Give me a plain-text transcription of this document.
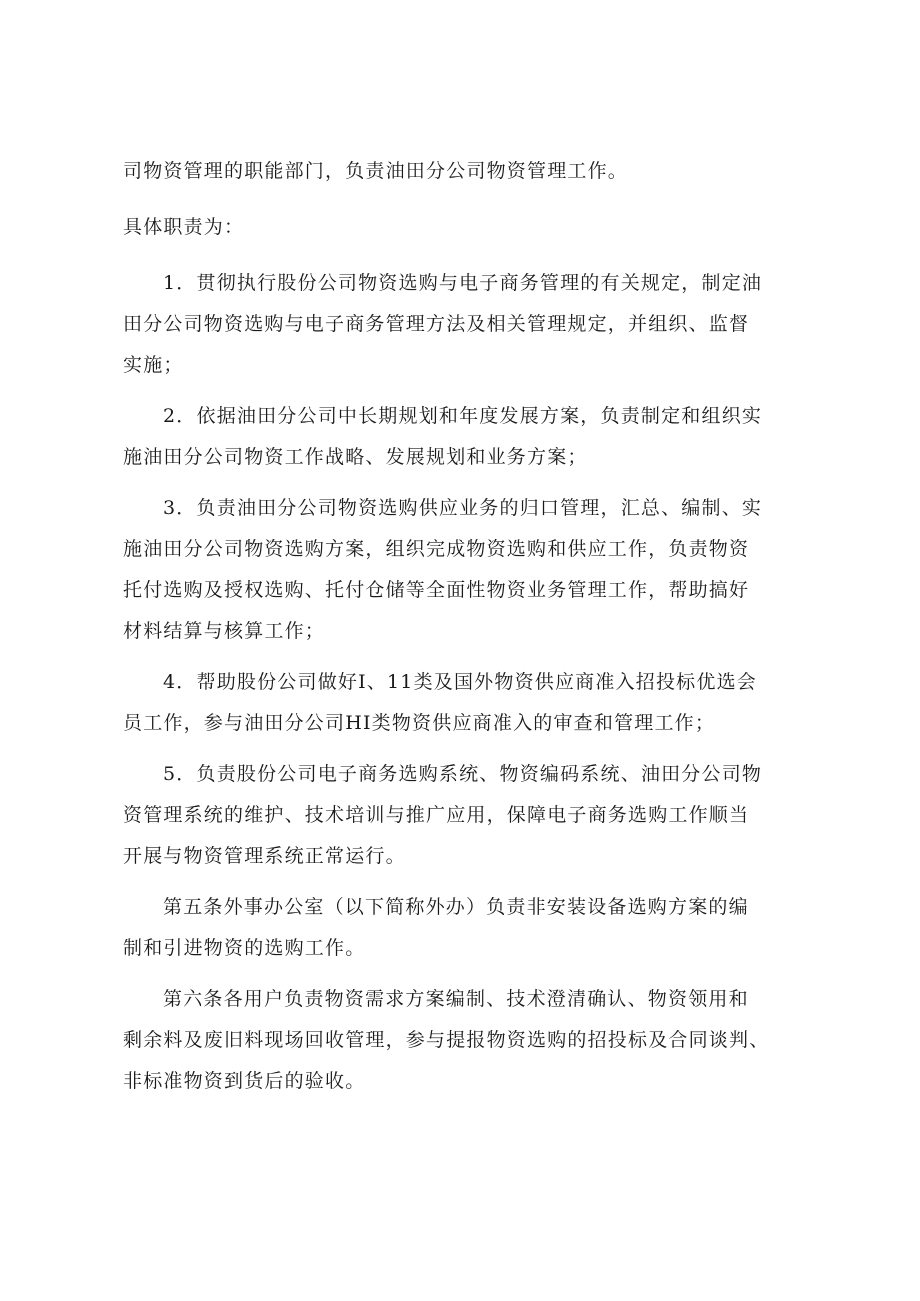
司物资管理的职能部门，负责油田分公司物资管理工作。
具体职责为：
1．贯彻执行股份公司物资选购与电子商务管理的有关规定，制定油
田分公司物资选购与电子商务管理方法及相关管理规定，并组织、监督
实施；
2．依据油田分公司中长期规划和年度发展方案，负责制定和组织实
施油田分公司物资工作战略、发展规划和业务方案；
3．负责油田分公司物资选购供应业务的归口管理，汇总、编制、实
施油田分公司物资选购方案，组织完成物资选购和供应工作，负责物资
托付选购及授权选购、托付仓储等全面性物资业务管理工作，帮助搞好
材料结算与核算工作；
4．帮助股份公司做好I、11类及国外物资供应商准入招投标优选会
员工作，参与油田分公司HI类物资供应商准入的审查和管理工作；
5．负责股份公司电子商务选购系统、物资编码系统、油田分公司物
资管理系统的维护、技术培训与推广应用，保障电子商务选购工作顺当
开展与物资管理系统正常运行。
第五条外事办公室（以下简称外办）负责非安装设备选购方案的编
制和引进物资的选购工作。
第六条各用户负责物资需求方案编制、技术澄清确认、物资领用和
剩余料及废旧料现场回收管理，参与提报物资选购的招投标及合同谈判、
非标准物资到货后的验收。
